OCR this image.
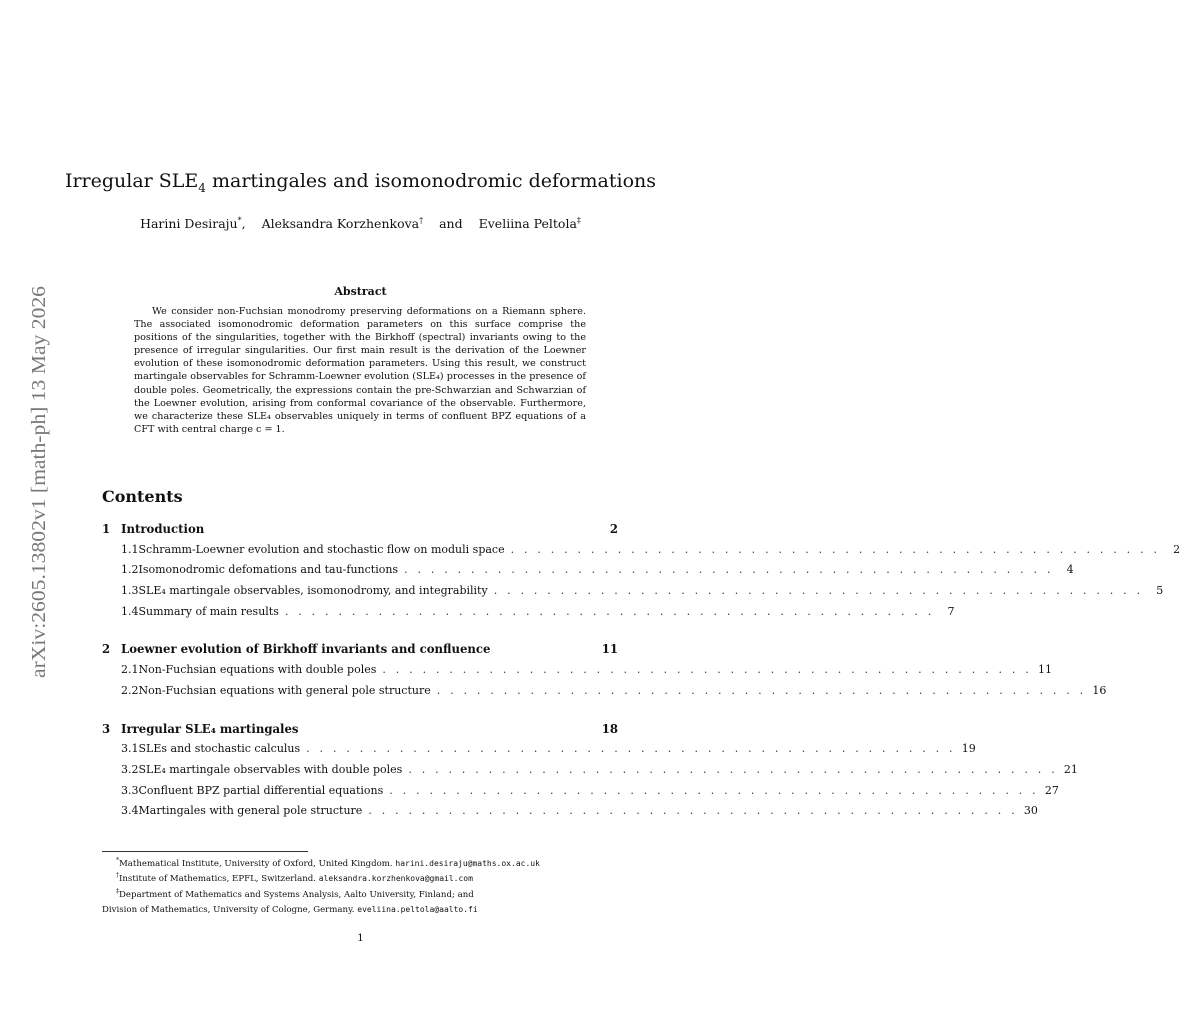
arXiv:2605.13802v1 [math-ph] 13 May 2026
Irregular $SLE_4$ martingales and isomonodromic deformations
Harini Desiraju*, Aleksandra Korzhenkova† and Eveliina Peltola‡
Abstract
We consider non-Fuchsian monodromy preserving deformations on a Riemann sphere. The associated isomonodromic deformation parameters on this surface comprise the positions of the singularities, together with the Birkhoff (spectral) invariants owing to the presence of irregular singularities. Our first main result is the derivation of the Loewner evolution of these isomonodromic deformation parameters. Using this result, we construct martingale observables for Schramm-Loewner evolution (SLE₄) processes in the presence of double poles. Geometrically, the expressions contain the pre-Schwarzian and Schwarzian of the Loewner evolution, arising from conformal covariance of the observable. Furthermore, we characterize these SLE₄ observables uniquely in terms of confluent BPZ equations of a CFT with central charge c = 1.
Contents
1 Introduction	2
1.1 Schramm-Loewner evolution and stochastic flow on moduli space . . . . . . . . . . . . . . . . . . . . . . . . . . . . . . . . . . . . . . . . . . . . . . . . .	2
1.2 Isomonodromic defomations and tau-functions . . . . . . . . . . . . . . . . . . . . . . . . . . . . . . . . . . . . . . . . . . . . . . . . .	4
1.3 SLE₄ martingale observables, isomonodromy, and integrability . . . . . . . . . . . . . . . . . . . . . . . . . . . . . . . . . . . . . . . . . . . . . . . . .	5
1.4 Summary of main results . . . . . . . . . . . . . . . . . . . . . . . . . . . . . . . . . . . . . . . . . . . . . . . . .	7
2 Loewner evolution of Birkhoff invariants and confluence	11
2.1 Non-Fuchsian equations with double poles . . . . . . . . . . . . . . . . . . . . . . . . . . . . . . . . . . . . . . . . . . . . . . . . . 11
2.2 Non-Fuchsian equations with general pole structure . . . . . . . . . . . . . . . . . . . . . . . . . . . . . . . . . . . . . . . . . . . . . . . . . 16
3 Irregular SLE₄ martingales	18
3.1 SLEs and stochastic calculus . . . . . . . . . . . . . . . . . . . . . . . . . . . . . . . . . . . . . . . . . . . . . . . . . 19
3.2 SLE₄ martingale observables with double poles . . . . . . . . . . . . . . . . . . . . . . . . . . . . . . . . . . . . . . . . . . . . . . . . . 21
3.3 Confluent BPZ partial differential equations . . . . . . . . . . . . . . . . . . . . . . . . . . . . . . . . . . . . . . . . . . . . . . . . . 27
3.4 Martingales with general pole structure . . . . . . . . . . . . . . . . . . . . . . . . . . . . . . . . . . . . . . . . . . . . . . . . . 30
*Mathematical Institute, University of Oxford, United Kingdom. harini.desiraju@maths.ox.ac.uk
†Institute of Mathematics, EPFL, Switzerland. aleksandra.korzhenkova@gmail.com
‡Department of Mathematics and Systems Analysis, Aalto University, Finland; and
Division of Mathematics, University of Cologne, Germany. eveliina.peltola@aalto.fi
1
